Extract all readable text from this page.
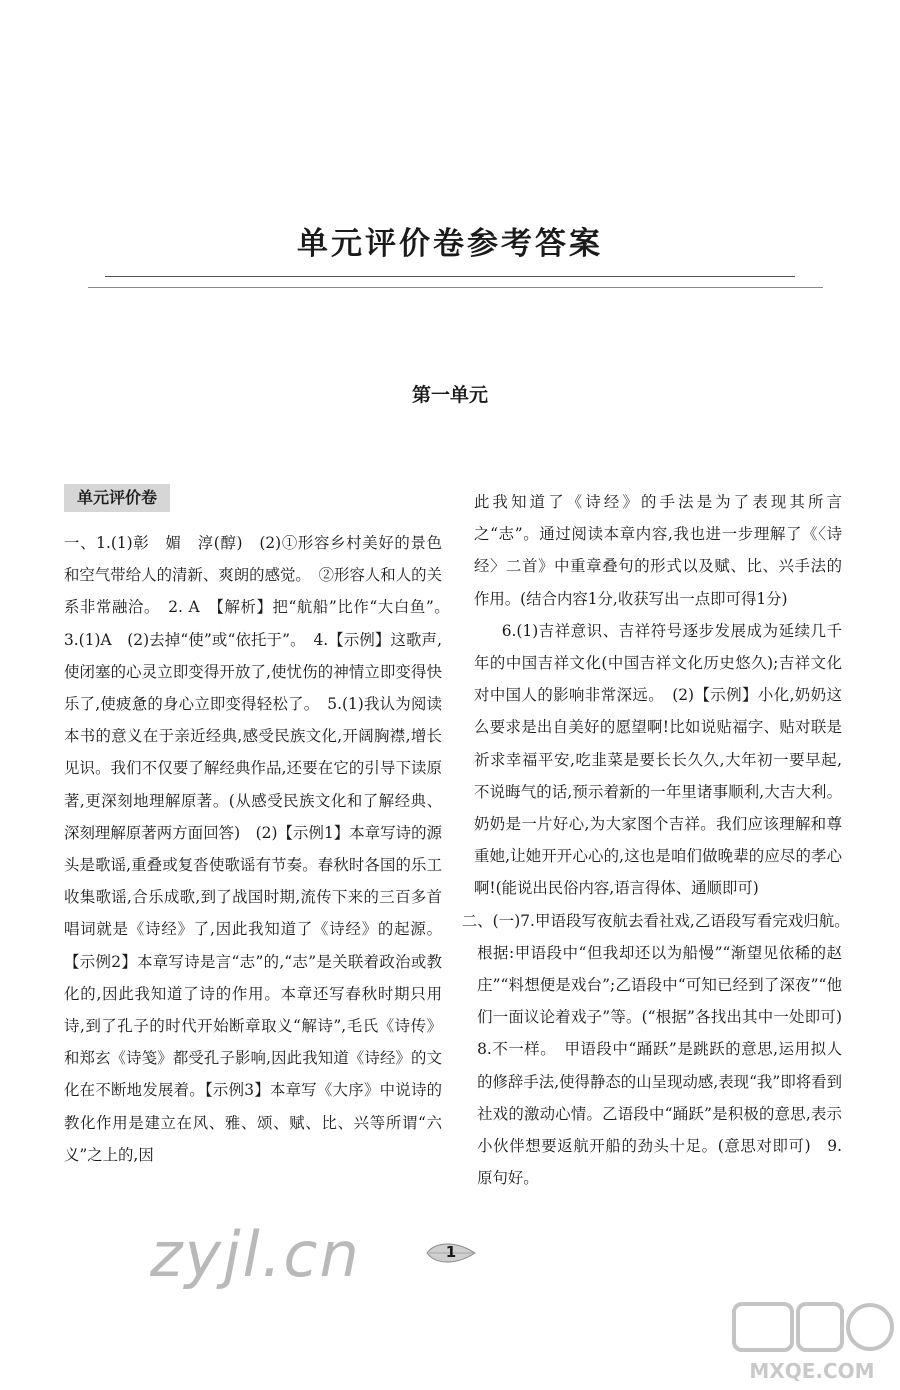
单元评价卷参考答案
第一单元
单元评价卷

一、1.(1)彰　媚　淳(醇)　(2)①形容乡村美好的景色和空气带给人的清新、爽朗的感觉。　②形容人和人的关系非常融洽。　2. A　【解析】把“航船”比作“大白鱼”。　3.(1)A　(2)去掉“使”或“依托于”。　4.【示例】这歌声,使闭塞的心灵立即变得开放了,使忧伤的神情立即变得快乐了,使疲惫的身心立即变得轻松了。　5.(1)我认为阅读本书的意义在于亲近经典,感受民族文化,开阔胸襟,增长见识。我们不仅要了解经典作品,还要在它的引导下读原著,更深刻地理解原著。(从感受民族文化和了解经典、深刻理解原著两方面回答)　(2)【示例1】本章写诗的源头是歌谣,重叠或复沓使歌谣有节奏。春秋时各国的乐工收集歌谣,合乐成歌,到了战国时期,流传下来的三百多首唱词就是《诗经》了,因此我知道了《诗经》的起源。【示例2】本章写诗是言“志”的,“志”是关联着政治或教化的,因此我知道了诗的作用。本章还写春秋时期只用诗,到了孔子的时代开始断章取义“解诗”,毛氏《诗传》和郑玄《诗笺》都受孔子影响,因此我知道《诗经》的文化在不断地发展着。【示例3】本章写《大序》中说诗的教化作用是建立在风、雅、颂、赋、比、兴等所谓“六义”之上的,因

此我知道了《诗经》的手法是为了表现其所言之“志”。通过阅读本章内容,我也进一步理解了《〈诗经〉二首》中重章叠句的形式以及赋、比、兴手法的作用。(结合内容1分,收获写出一点即可得1分)

6.(1)吉祥意识、吉祥符号逐步发展成为延续几千年的中国吉祥文化(中国吉祥文化历史悠久);吉祥文化对中国人的影响非常深远。　(2)【示例】小化,奶奶这么要求是出自美好的愿望啊!比如说贴福字、贴对联是祈求幸福平安,吃韭菜是要长长久久,大年初一要早起,不说晦气的话,预示着新的一年里诸事顺利,大吉大利。奶奶是一片好心,为大家图个吉祥。我们应该理解和尊重她,让她开开心心的,这也是咱们做晚辈的应尽的孝心啊!(能说出民俗内容,语言得体、通顺即可)

二、(一)7.甲语段写夜航去看社戏,乙语段写看完戏归航。　根据:甲语段中“但我却还以为船慢”“渐望见依稀的赵庄”“料想便是戏台”;乙语段中“可知已经到了深夜”“他们一面议论着戏子”等。(“根据”各找出其中一处即可)　8.不一样。　甲语段中“踊跃”是跳跃的意思,运用拟人的修辞手法,使得静态的山呈现动感,表现“我”即将看到社戏的激动心情。乙语段中“踊跃”是积极的意思,表示小伙伴想要返航开船的劲头十足。(意思对即可)　9.原句好。

zyjl.cn	1
MXQE.COM
